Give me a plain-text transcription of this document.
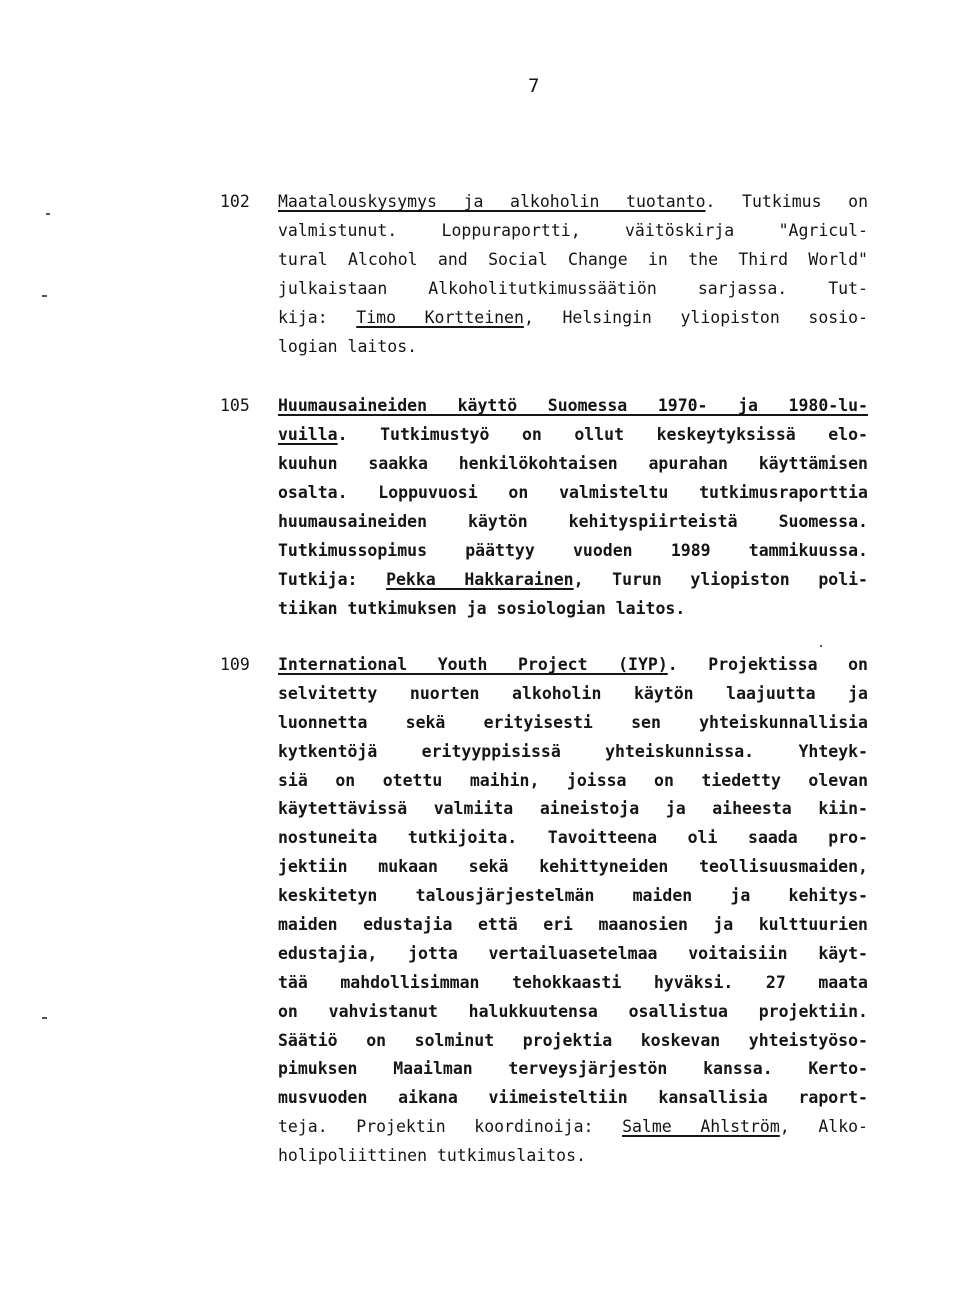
7
102 Maatalouskysymys ja alkoholin tuotanto. Tutkimus on
valmistunut. Loppuraportti, väitöskirja "Agricul-
tural Alcohol and Social Change in the Third World"
julkaistaan Alkoholitutkimussäätiön sarjassa. Tut-
kija: Timo Kortteinen, Helsingin yliopiston sosio-
logian laitos.
105 Huumausaineiden käyttö Suomessa 1970- ja 1980-lu-
vuilla. Tutkimustyö on ollut keskeytyksissä elo-
kuuhun saakka henkilökohtaisen apurahan käyttämisen
osalta. Loppuvuosi on valmisteltu tutkimusraporttia
huumausaineiden käytön kehityspiirteistä Suomessa.
Tutkimussopimus päättyy vuoden 1989 tammikuussa.
Tutkija: Pekka Hakkarainen, Turun yliopiston poli-
tiikan tutkimuksen ja sosiologian laitos.
109 International Youth Project (IYP). Projektissa on
selvitetty nuorten alkoholin käytön laajuutta ja
luonnetta sekä erityisesti sen yhteiskunnallisia
kytkentöjä erityyppisissä yhteiskunnissa. Yhteyk-
siä on otettu maihin, joissa on tiedetty olevan
käytettävissä valmiita aineistoja ja aiheesta kiin-
nostuneita tutkijoita. Tavoitteena oli saada pro-
jektiin mukaan sekä kehittyneiden teollisuusmaiden,
keskitetyn talousjärjestelmän maiden ja kehitys-
maiden edustajia että eri maanosien ja kulttuurien
edustajia, jotta vertailuasetelmaa voitaisiin käyt-
tää mahdollisimman tehokkaasti hyväksi. 27 maata
on vahvistanut halukkuutensa osallistua projektiin.
Säätiö on solminut projektia koskevan yhteistyöso-
pimuksen Maailman terveysjärjestön kanssa. Kerto-
musvuoden aikana viimeisteltiin kansallisia raport-
teja. Projektin koordinoija: Salme Ahlström, Alko-
holipoliittinen tutkimuslaitos.
